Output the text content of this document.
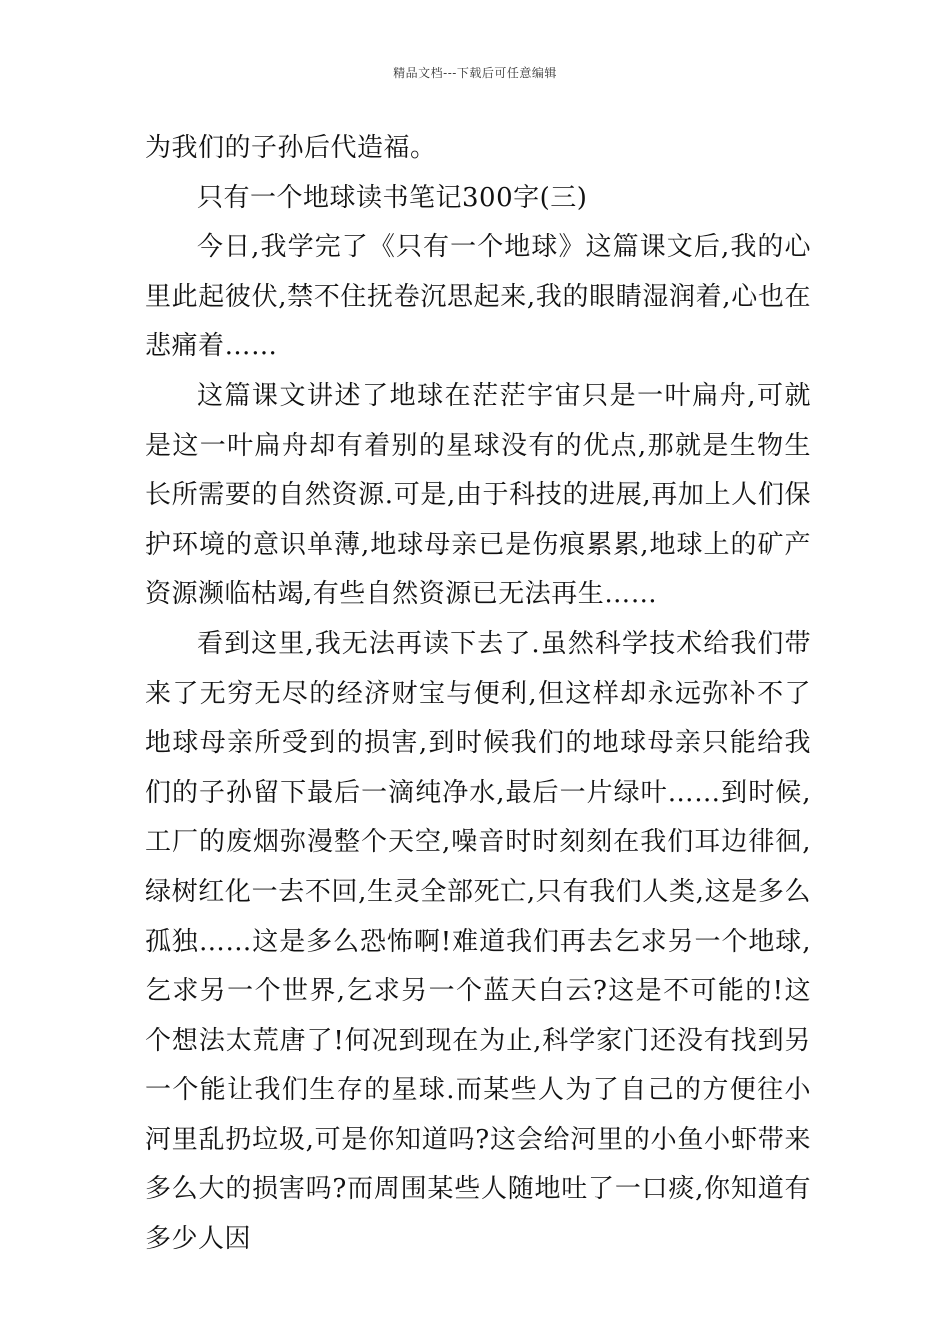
精品文档---下载后可任意编辑

为我们的子孙后代造福。

只有一个地球读书笔记300字(三)

今日,我学完了《只有一个地球》这篇课文后,我的心里此起彼伏,禁不住抚卷沉思起来,我的眼睛湿润着,心也在悲痛着……

这篇课文讲述了地球在茫茫宇宙只是一叶扁舟,可就是这一叶扁舟却有着别的星球没有的优点,那就是生物生长所需要的自然资源.可是,由于科技的进展,再加上人们保护环境的意识单薄,地球母亲已是伤痕累累,地球上的矿产资源濒临枯竭,有些自然资源已无法再生……

看到这里,我无法再读下去了.虽然科学技术给我们带来了无穷无尽的经济财宝与便利,但这样却永远弥补不了地球母亲所受到的损害,到时候我们的地球母亲只能给我们的子孙留下最后一滴纯净水,最后一片绿叶……到时候,工厂的废烟弥漫整个天空,噪音时时刻刻在我们耳边徘徊,绿树红化一去不回,生灵全部死亡,只有我们人类,这是多么孤独……这是多么恐怖啊!难道我们再去乞求另一个地球,乞求另一个世界,乞求另一个蓝天白云?这是不可能的!这个想法太荒唐了!何况到现在为止,科学家门还没有找到另一个能让我们生存的星球.而某些人为了自己的方便往小河里乱扔垃圾,可是你知道吗?这会给河里的小鱼小虾带来多么大的损害吗?而周围某些人随地吐了一口痰,你知道有多少人因
